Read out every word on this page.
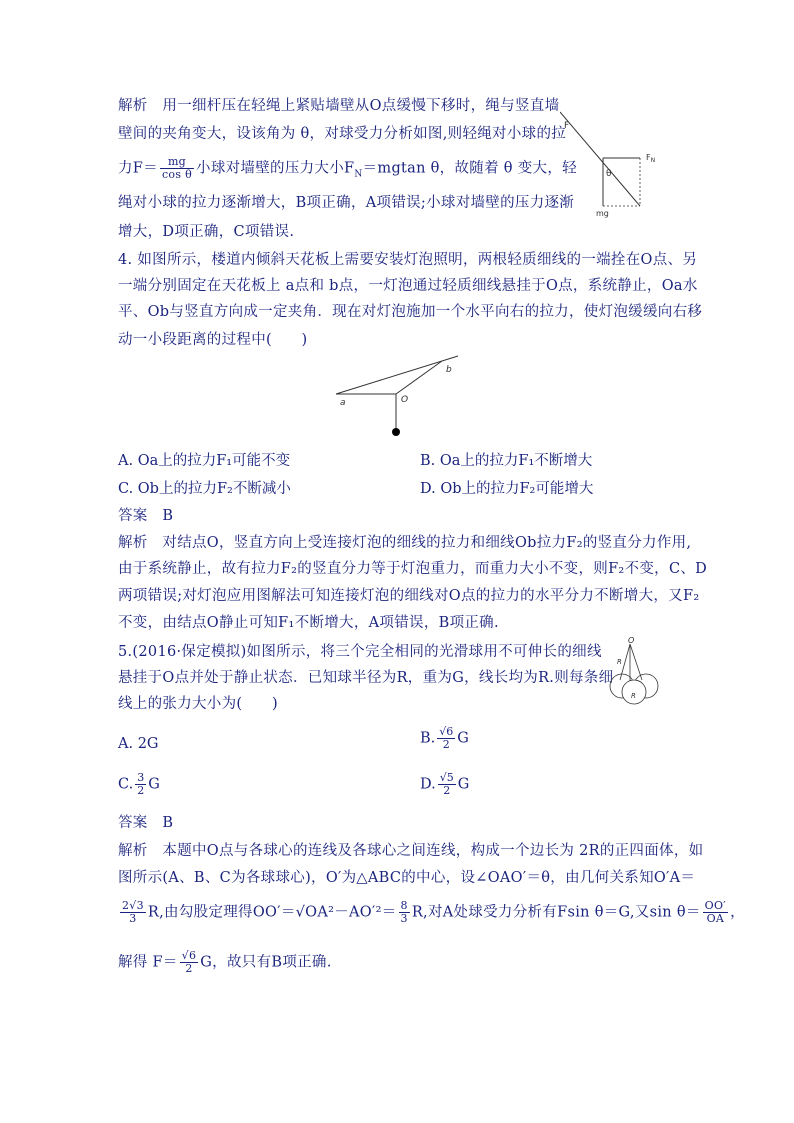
解析　用一细杆压在轻绳上紧贴墙壁从O点缓慢下移时，绳与竖直墙
壁间的夹角变大，设该角为 θ，对球受力分析如图,则轻绳对小球的拉
力$F= \frac{mg}{\text{cos θ}}$ 小球对墙壁的压力大小$F_N=mgtan$ θ，故随着 θ 变大，轻
绳对小球的拉力逐渐增大，B项正确，A项错误;小球对墙壁的压力逐渐
增大，D项正确，C项错误.
F
$F_N$
θ
mg
4. 如图所示，楼道内倾斜天花板上需要安装灯泡照明，两根轻质细线的一端拴在O点、另
一端分别固定在天花板上 a点和 b点，一灯泡通过轻质细线悬挂于O点，系统静止，Oa水
平、Ob与竖直方向成一定夹角．现在对灯泡施加一个水平向右的拉力，使灯泡缓缓向右移
动一小段距离的过程中(　　)
a
b
O
A. Oa上的拉力F₁可能不变	B. Oa上的拉力F₁不断增大
C. Ob上的拉力F₂不断减小	D. Ob上的拉力F₂可能增大
答案　B
解析　对结点O，竖直方向上受连接灯泡的细线的拉力和细线Ob拉力F₂的竖直分力作用,
由于系统静止，故有拉力F₂的竖直分力等于灯泡重力，而重力大小不变，则F₂不变，C、D
两项错误;对灯泡应用图解法可知连接灯泡的细线对O点的拉力的水平分力不断增大，又F₂
不变，由结点O静止可知F₁不断增大，A项错误，B项正确.
5.(2016·保定模拟)如图所示，将三个完全相同的光滑球用不可伸长的细线
悬挂于O点并处于静止状态．已知球半径为R，重为G，线长均为R.则每条细
线上的张力大小为(　　)
O
R
R
A. 2G	B. $\frac{√6}{2}$ G
C. $\frac{3}{2}$ G	D. $\frac{√5}{2}$ G
答案　B
解析　本题中O点与各球心的连线及各球心之间连线，构成一个边长为 2R的正四面体，如
图所示(A、B、C为各球球心)，O′为△ABC的中心，设∠OAO′＝θ，由几何关系知O′A＝
$\frac{2√3}{3} R$,由勾股定理得$OO'=√OA^2-AO'^2= \frac{8}{3} R$,对A处球受力分析有Fsin θ＝G,又$\sin \theta= \frac{OO'}{OA}$ ，
解得 $F= \frac{√6}{2}$ G，故只有B项正确.
